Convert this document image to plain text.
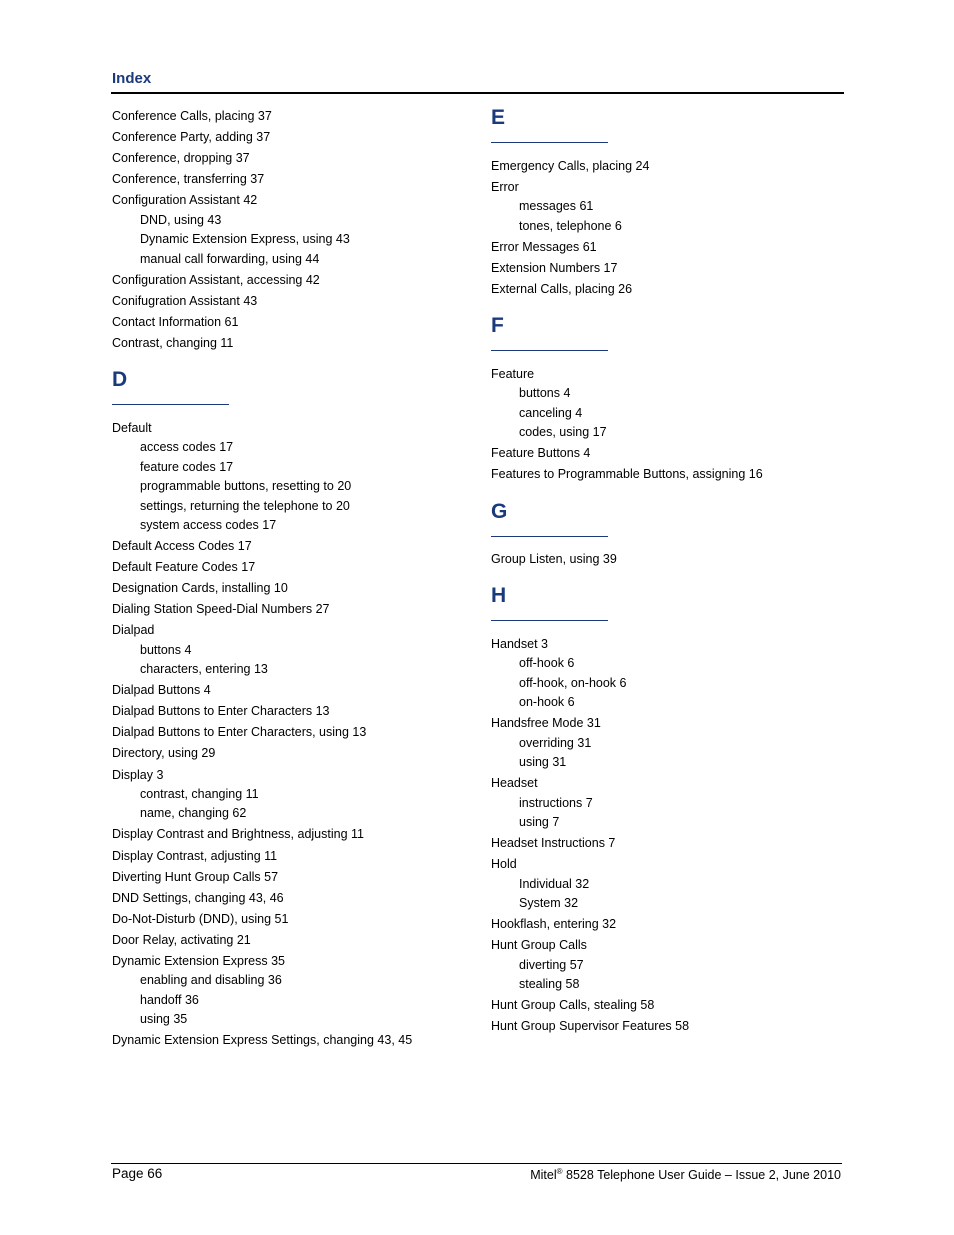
Index
Conference Calls, placing 37
Conference Party, adding 37
Conference, dropping 37
Conference, transferring 37
Configuration Assistant 42
DND, using 43
Dynamic Extension Express, using 43
manual call forwarding, using 44
Configuration Assistant, accessing 42
Conifugration Assistant 43
Contact Information 61
Contrast, changing 11
D
Default
access codes 17
feature codes 17
programmable buttons, resetting to 20
settings, returning the telephone to 20
system access codes 17
Default Access Codes 17
Default Feature Codes 17
Designation Cards, installing 10
Dialing Station Speed-Dial Numbers 27
Dialpad
buttons 4
characters, entering 13
Dialpad Buttons 4
Dialpad Buttons to Enter Characters 13
Dialpad Buttons to Enter Characters, using 13
Directory, using 29
Display 3
contrast, changing 11
name, changing 62
Display Contrast and Brightness, adjusting 11
Display Contrast, adjusting 11
Diverting Hunt Group Calls 57
DND Settings, changing 43, 46
Do-Not-Disturb (DND), using 51
Door Relay, activating 21
Dynamic Extension Express 35
enabling and disabling 36
handoff 36
using 35
Dynamic Extension Express Settings, changing 43, 45
E
Emergency Calls, placing 24
Error
messages 61
tones, telephone 6
Error Messages 61
Extension Numbers 17
External Calls, placing 26
F
Feature
buttons 4
canceling 4
codes, using 17
Feature Buttons 4
Features to Programmable Buttons, assigning 16
G
Group Listen, using 39
H
Handset 3
off-hook 6
off-hook, on-hook 6
on-hook 6
Handsfree Mode 31
overriding 31
using 31
Headset
instructions 7
using 7
Headset Instructions 7
Hold
Individual 32
System 32
Hookflash, entering 32
Hunt Group Calls
diverting 57
stealing 58
Hunt Group Calls, stealing 58
Hunt Group Supervisor Features 58
Page 66	Mitel® 8528 Telephone User Guide – Issue 2, June 2010
